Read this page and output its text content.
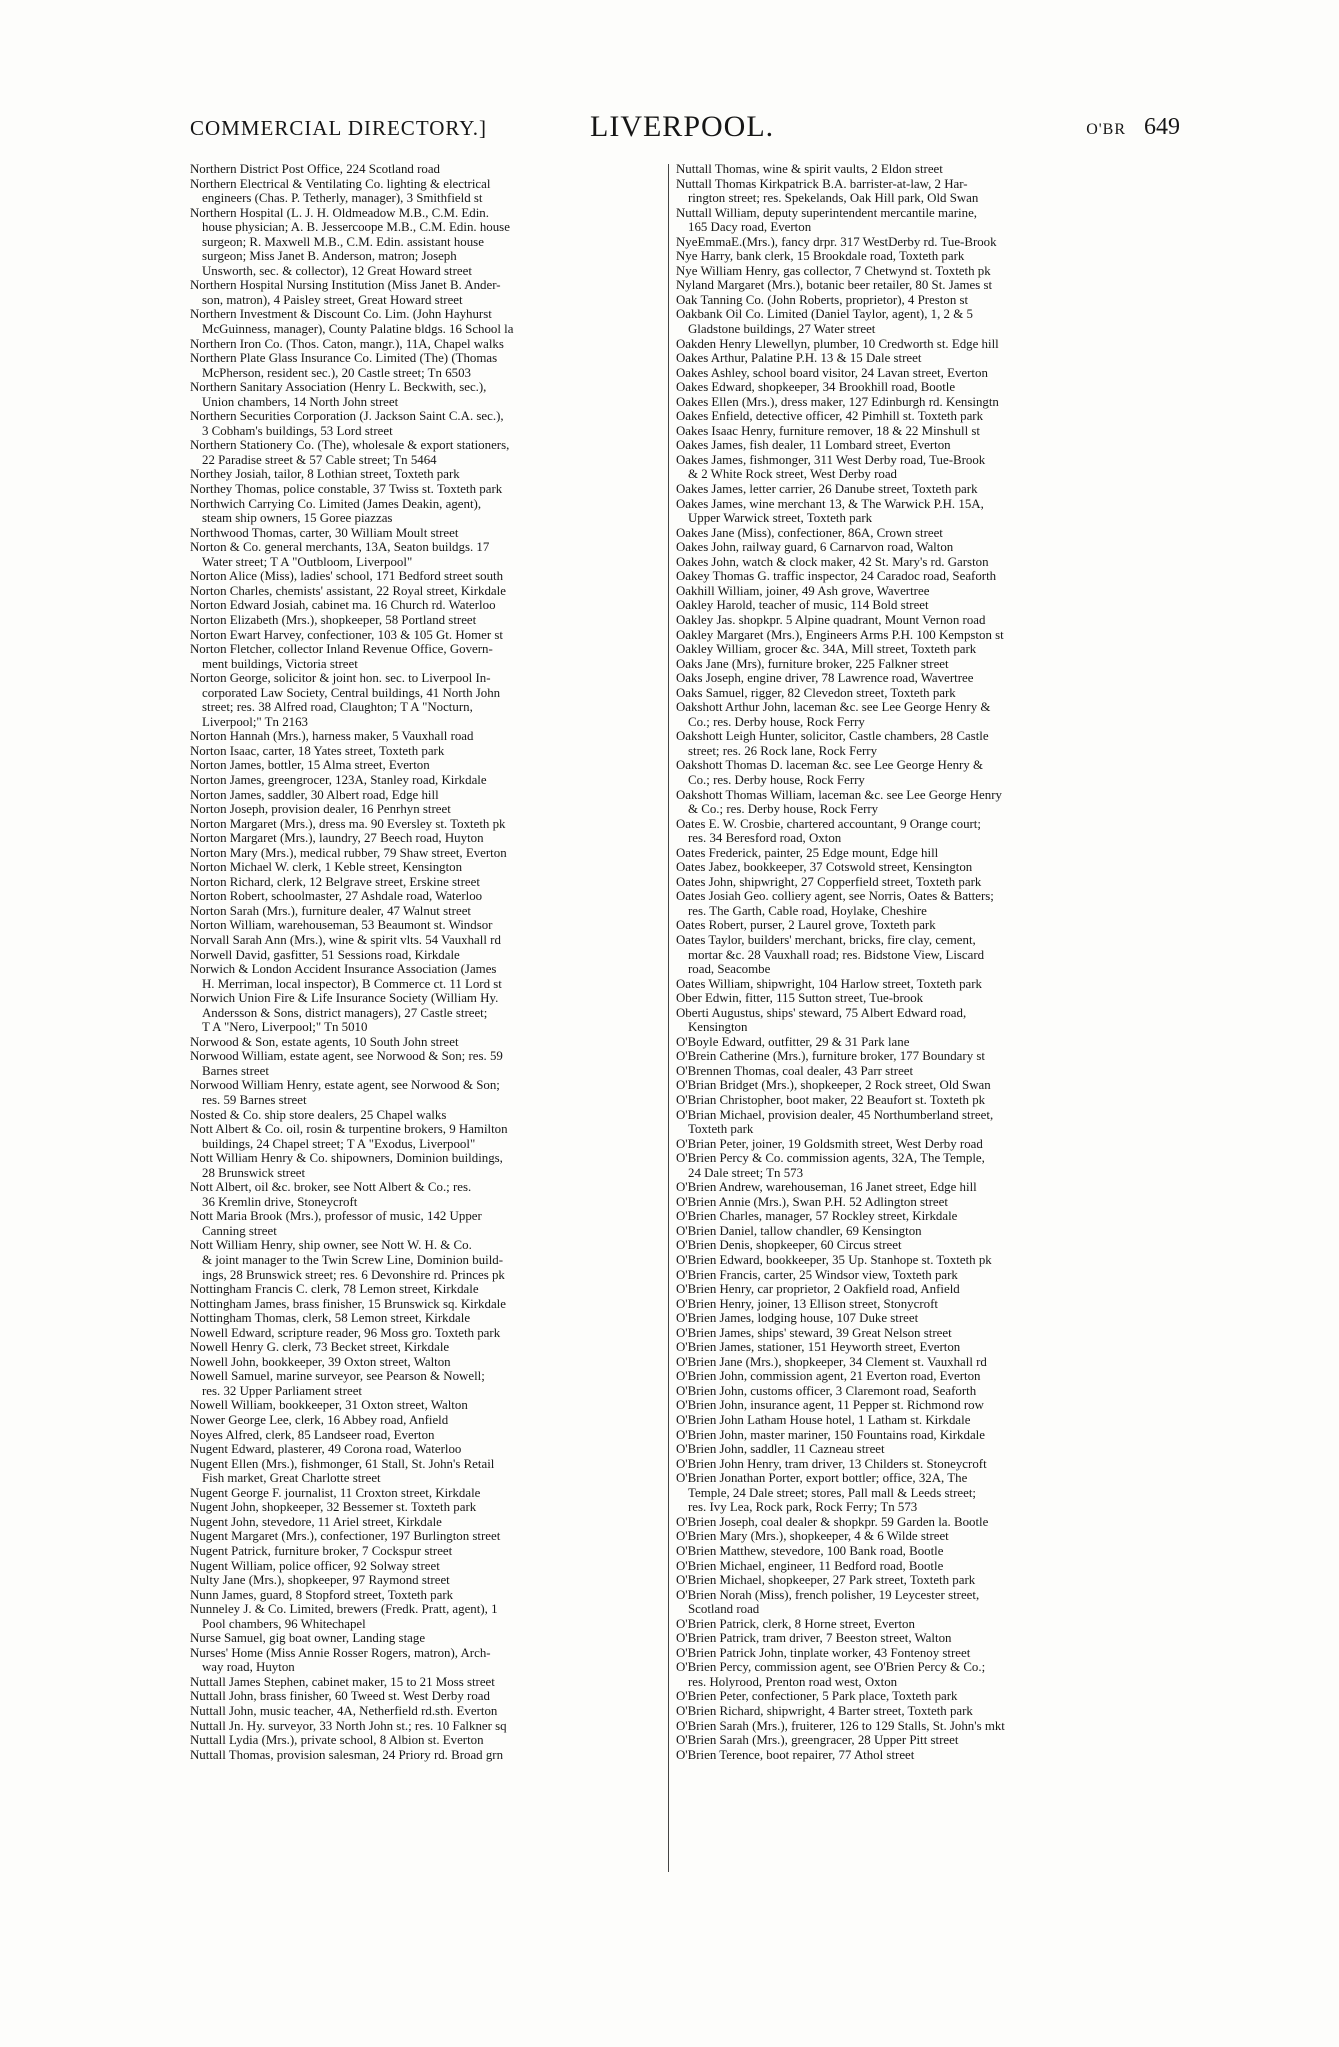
COMMERCIAL DIRECTORY.]	LIVERPOOL.	O'BR 649
Northern District Post Office, 224 Scotland road
Northern Electrical & Ventilating Co. lighting & electrical
engineers (Chas. P. Tetherly, manager), 3 Smithfield st
Northern Hospital (L. J. H. Oldmeadow M.B., C.M. Edin.
house physician; A. B. Jessercoope M.B., C.M. Edin. house
surgeon; R. Maxwell M.B., C.M. Edin. assistant house
surgeon; Miss Janet B. Anderson, matron; Joseph
Unsworth, sec. & collector), 12 Great Howard street
Northern Hospital Nursing Institution (Miss Janet B. Ander-
son, matron), 4 Paisley street, Great Howard street
Northern Investment & Discount Co. Lim. (John Hayhurst
McGuinness, manager), County Palatine bldgs. 16 School la
Northern Iron Co. (Thos. Caton, mangr.), 11A, Chapel walks
Northern Plate Glass Insurance Co. Limited (The) (Thomas
McPherson, resident sec.), 20 Castle street; Tn 6503
Northern Sanitary Association (Henry L. Beckwith, sec.),
Union chambers, 14 North John street
Northern Securities Corporation (J. Jackson Saint C.A. sec.),
3 Cobham's buildings, 53 Lord street
Northern Stationery Co. (The), wholesale & export stationers,
22 Paradise street & 57 Cable street; Tn 5464
Northey Josiah, tailor, 8 Lothian street, Toxteth park
Northey Thomas, police constable, 37 Twiss st. Toxteth park
Northwich Carrying Co. Limited (James Deakin, agent),
steam ship owners, 15 Goree piazzas
Northwood Thomas, carter, 30 William Moult street
Norton & Co. general merchants, 13A, Seaton buildgs. 17
Water street; T A "Outbloom, Liverpool"
Norton Alice (Miss), ladies' school, 171 Bedford street south
Norton Charles, chemists' assistant, 22 Royal street, Kirkdale
Norton Edward Josiah, cabinet ma. 16 Church rd. Waterloo
Norton Elizabeth (Mrs.), shopkeeper, 58 Portland street
Norton Ewart Harvey, confectioner, 103 & 105 Gt. Homer st
Norton Fletcher, collector Inland Revenue Office, Govern-
ment buildings, Victoria street
Norton George, solicitor & joint hon. sec. to Liverpool In-
corporated Law Society, Central buildings, 41 North John
street; res. 38 Alfred road, Claughton; T A "Nocturn,
Liverpool;" Tn 2163
Norton Hannah (Mrs.), harness maker, 5 Vauxhall road
Norton Isaac, carter, 18 Yates street, Toxteth park
Norton James, bottler, 15 Alma street, Everton
Norton James, greengrocer, 123A, Stanley road, Kirkdale
Norton James, saddler, 30 Albert road, Edge hill
Norton Joseph, provision dealer, 16 Penrhyn street
Norton Margaret (Mrs.), dress ma. 90 Eversley st. Toxteth pk
Norton Margaret (Mrs.), laundry, 27 Beech road, Huyton
Norton Mary (Mrs.), medical rubber, 79 Shaw street, Everton
Norton Michael W. clerk, 1 Keble street, Kensington
Norton Richard, clerk, 12 Belgrave street, Erskine street
Norton Robert, schoolmaster, 27 Ashdale road, Waterloo
Norton Sarah (Mrs.), furniture dealer, 47 Walnut street
Norton William, warehouseman, 53 Beaumont st. Windsor
Norvall Sarah Ann (Mrs.), wine & spirit vlts. 54 Vauxhall rd
Norwell David, gasfitter, 51 Sessions road, Kirkdale
Norwich & London Accident Insurance Association (James
H. Merriman, local inspector), B Commerce ct. 11 Lord st
Norwich Union Fire & Life Insurance Society (William Hy.
Andersson & Sons, district managers), 27 Castle street;
T A "Nero, Liverpool;" Tn 5010
Norwood & Son, estate agents, 10 South John street
Norwood William, estate agent, see Norwood & Son; res. 59
Barnes street
Norwood William Henry, estate agent, see Norwood & Son;
res. 59 Barnes street
Nosted & Co. ship store dealers, 25 Chapel walks
Nott Albert & Co. oil, rosin & turpentine brokers, 9 Hamilton
buildings, 24 Chapel street; T A "Exodus, Liverpool"
Nott William Henry & Co. shipowners, Dominion buildings,
28 Brunswick street
Nott Albert, oil &c. broker, see Nott Albert & Co.; res.
36 Kremlin drive, Stoneycroft
Nott Maria Brook (Mrs.), professor of music, 142 Upper
Canning street
Nott William Henry, ship owner, see Nott W. H. & Co.
& joint manager to the Twin Screw Line, Dominion build-
ings, 28 Brunswick street; res. 6 Devonshire rd. Princes pk
Nottingham Francis C. clerk, 78 Lemon street, Kirkdale
Nottingham James, brass finisher, 15 Brunswick sq. Kirkdale
Nottingham Thomas, clerk, 58 Lemon street, Kirkdale
Nowell Edward, scripture reader, 96 Moss gro. Toxteth park
Nowell Henry G. clerk, 73 Becket street, Kirkdale
Nowell John, bookkeeper, 39 Oxton street, Walton
Nowell Samuel, marine surveyor, see Pearson & Nowell;
res. 32 Upper Parliament street
Nowell William, bookkeeper, 31 Oxton street, Walton
Nower George Lee, clerk, 16 Abbey road, Anfield
Noyes Alfred, clerk, 85 Landseer road, Everton
Nugent Edward, plasterer, 49 Corona road, Waterloo
Nugent Ellen (Mrs.), fishmonger, 61 Stall, St. John's Retail
Fish market, Great Charlotte street
Nugent George F. journalist, 11 Croxton street, Kirkdale
Nugent John, shopkeeper, 32 Bessemer st. Toxteth park
Nugent John, stevedore, 11 Ariel street, Kirkdale
Nugent Margaret (Mrs.), confectioner, 197 Burlington street
Nugent Patrick, furniture broker, 7 Cockspur street
Nugent William, police officer, 92 Solway street
Nulty Jane (Mrs.), shopkeeper, 97 Raymond street
Nunn James, guard, 8 Stopford street, Toxteth park
Nunneley J. & Co. Limited, brewers (Fredk. Pratt, agent), 1
Pool chambers, 96 Whitechapel
Nurse Samuel, gig boat owner, Landing stage
Nurses' Home (Miss Annie Rosser Rogers, matron), Arch-
way road, Huyton
Nuttall James Stephen, cabinet maker, 15 to 21 Moss street
Nuttall John, brass finisher, 60 Tweed st. West Derby road
Nuttall John, music teacher, 4A, Netherfield rd.sth. Everton
Nuttall Jn. Hy. surveyor, 33 North John st.; res. 10 Falkner sq
Nuttall Lydia (Mrs.), private school, 8 Albion st. Everton
Nuttall Thomas, provision salesman, 24 Priory rd. Broad grn
Nuttall Thomas, wine & spirit vaults, 2 Eldon street
Nuttall Thomas Kirkpatrick B.A. barrister-at-law, 2 Har-
rington street; res. Spekelands, Oak Hill park, Old Swan
Nuttall William, deputy superintendent mercantile marine,
165 Dacy road, Everton
NyeEmmaE.(Mrs.), fancy drpr. 317 WestDerby rd. Tue-Brook
Nye Harry, bank clerk, 15 Brookdale road, Toxteth park
Nye William Henry, gas collector, 7 Chetwynd st. Toxteth pk
Nyland Margaret (Mrs.), botanic beer retailer, 80 St. James st
Oak Tanning Co. (John Roberts, proprietor), 4 Preston st
Oakbank Oil Co. Limited (Daniel Taylor, agent), 1, 2 & 5
Gladstone buildings, 27 Water street
Oakden Henry Llewellyn, plumber, 10 Credworth st. Edge hill
Oakes Arthur, Palatine P.H. 13 & 15 Dale street
Oakes Ashley, school board visitor, 24 Lavan street, Everton
Oakes Edward, shopkeeper, 34 Brookhill road, Bootle
Oakes Ellen (Mrs.), dress maker, 127 Edinburgh rd. Kensingtn
Oakes Enfield, detective officer, 42 Pimhill st. Toxteth park
Oakes Isaac Henry, furniture remover, 18 & 22 Minshull st
Oakes James, fish dealer, 11 Lombard street, Everton
Oakes James, fishmonger, 311 West Derby road, Tue-Brook
& 2 White Rock street, West Derby road
Oakes James, letter carrier, 26 Danube street, Toxteth park
Oakes James, wine merchant 13, & The Warwick P.H. 15A,
Upper Warwick street, Toxteth park
Oakes Jane (Miss), confectioner, 86A, Crown street
Oakes John, railway guard, 6 Carnarvon road, Walton
Oakes John, watch & clock maker, 42 St. Mary's rd. Garston
Oakey Thomas G. traffic inspector, 24 Caradoc road, Seaforth
Oakhill William, joiner, 49 Ash grove, Wavertree
Oakley Harold, teacher of music, 114 Bold street
Oakley Jas. shopkpr. 5 Alpine quadrant, Mount Vernon road
Oakley Margaret (Mrs.), Engineers Arms P.H. 100 Kempston st
Oakley William, grocer &c. 34A, Mill street, Toxteth park
Oaks Jane (Mrs), furniture broker, 225 Falkner street
Oaks Joseph, engine driver, 78 Lawrence road, Wavertree
Oaks Samuel, rigger, 82 Clevedon street, Toxteth park
Oakshott Arthur John, laceman &c. see Lee George Henry &
Co.; res. Derby house, Rock Ferry
Oakshott Leigh Hunter, solicitor, Castle chambers, 28 Castle
street; res. 26 Rock lane, Rock Ferry
Oakshott Thomas D. laceman &c. see Lee George Henry &
Co.; res. Derby house, Rock Ferry
Oakshott Thomas William, laceman &c. see Lee George Henry
& Co.; res. Derby house, Rock Ferry
Oates E. W. Crosbie, chartered accountant, 9 Orange court;
res. 34 Beresford road, Oxton
Oates Frederick, painter, 25 Edge mount, Edge hill
Oates Jabez, bookkeeper, 37 Cotswold street, Kensington
Oates John, shipwright, 27 Copperfield street, Toxteth park
Oates Josiah Geo. colliery agent, see Norris, Oates & Batters;
res. The Garth, Cable road, Hoylake, Cheshire
Oates Robert, purser, 2 Laurel grove, Toxteth park
Oates Taylor, builders' merchant, bricks, fire clay, cement,
mortar &c. 28 Vauxhall road; res. Bidstone View, Liscard
road, Seacombe
Oates William, shipwright, 104 Harlow street, Toxteth park
Ober Edwin, fitter, 115 Sutton street, Tue-brook
Oberti Augustus, ships' steward, 75 Albert Edward road,
Kensington
O'Boyle Edward, outfitter, 29 & 31 Park lane
O'Brein Catherine (Mrs.), furniture broker, 177 Boundary st
O'Brennen Thomas, coal dealer, 43 Parr street
O'Brian Bridget (Mrs.), shopkeeper, 2 Rock street, Old Swan
O'Brian Christopher, boot maker, 22 Beaufort st. Toxteth pk
O'Brian Michael, provision dealer, 45 Northumberland street,
Toxteth park
O'Brian Peter, joiner, 19 Goldsmith street, West Derby road
O'Brien Percy & Co. commission agents, 32A, The Temple,
24 Dale street; Tn 573
O'Brien Andrew, warehouseman, 16 Janet street, Edge hill
O'Brien Annie (Mrs.), Swan P.H. 52 Adlington street
O'Brien Charles, manager, 57 Rockley street, Kirkdale
O'Brien Daniel, tallow chandler, 69 Kensington
O'Brien Denis, shopkeeper, 60 Circus street
O'Brien Edward, bookkeeper, 35 Up. Stanhope st. Toxteth pk
O'Brien Francis, carter, 25 Windsor view, Toxteth park
O'Brien Henry, car proprietor, 2 Oakfield road, Anfield
O'Brien Henry, joiner, 13 Ellison street, Stonycroft
O'Brien James, lodging house, 107 Duke street
O'Brien James, ships' steward, 39 Great Nelson street
O'Brien James, stationer, 151 Heyworth street, Everton
O'Brien Jane (Mrs.), shopkeeper, 34 Clement st. Vauxhall rd
O'Brien John, commission agent, 21 Everton road, Everton
O'Brien John, customs officer, 3 Claremont road, Seaforth
O'Brien John, insurance agent, 11 Pepper st. Richmond row
O'Brien John Latham House hotel, 1 Latham st. Kirkdale
O'Brien John, master mariner, 150 Fountains road, Kirkdale
O'Brien John, saddler, 11 Cazneau street
O'Brien John Henry, tram driver, 13 Childers st. Stoneycroft
O'Brien Jonathan Porter, export bottler; office, 32A, The
Temple, 24 Dale street; stores, Pall mall & Leeds street;
res. Ivy Lea, Rock park, Rock Ferry; Tn 573
O'Brien Joseph, coal dealer & shopkpr. 59 Garden la. Bootle
O'Brien Mary (Mrs.), shopkeeper, 4 & 6 Wilde street
O'Brien Matthew, stevedore, 100 Bank road, Bootle
O'Brien Michael, engineer, 11 Bedford road, Bootle
O'Brien Michael, shopkeeper, 27 Park street, Toxteth park
O'Brien Norah (Miss), french polisher, 19 Leycester street,
Scotland road
O'Brien Patrick, clerk, 8 Horne street, Everton
O'Brien Patrick, tram driver, 7 Beeston street, Walton
O'Brien Patrick John, tinplate worker, 43 Fontenoy street
O'Brien Percy, commission agent, see O'Brien Percy & Co.;
res. Holyrood, Prenton road west, Oxton
O'Brien Peter, confectioner, 5 Park place, Toxteth park
O'Brien Richard, shipwright, 4 Barter street, Toxteth park
O'Brien Sarah (Mrs.), fruiterer, 126 to 129 Stalls, St. John's mkt
O'Brien Sarah (Mrs.), greengracer, 28 Upper Pitt street
O'Brien Terence, boot repairer, 77 Athol street
